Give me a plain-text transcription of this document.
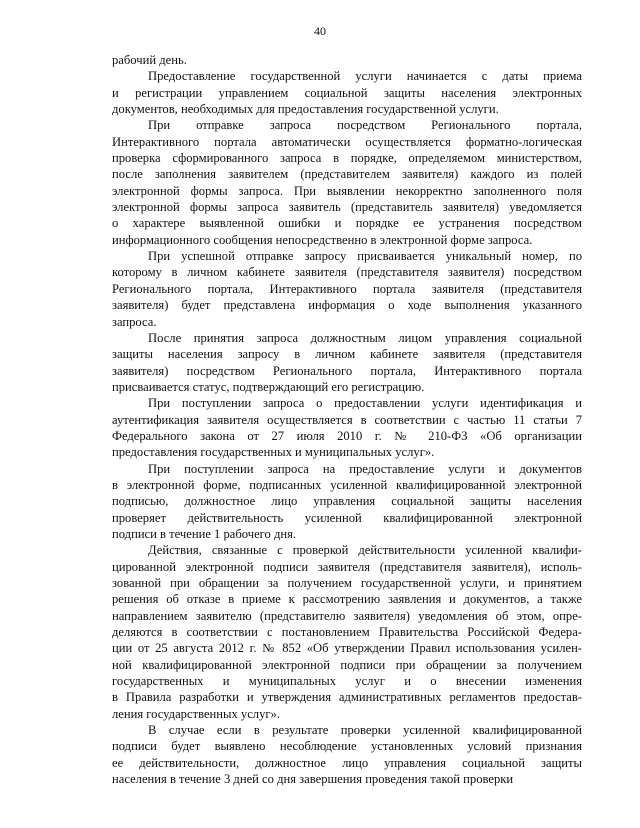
40
рабочий день.
Предоставление государственной услуги начинается с даты приема
и регистрации управлением социальной защиты населения электронных
документов, необходимых для предоставления государственной услуги.
При отправке запроса посредством Регионального портала,
Интерактивного портала автоматически осуществляется форматно-логическая
проверка сформированного запроса в порядке, определяемом министерством,
после заполнения заявителем (представителем заявителя) каждого из полей
электронной формы запроса. При выявлении некорректно заполненного поля
электронной формы запроса заявитель (представитель заявителя) уведомляется
о характере выявленной ошибки и порядке ее устранения посредством
информационного сообщения непосредственно в электронной форме запроса.
При успешной отправке запросу присваивается уникальный номер, по
которому в личном кабинете заявителя (представителя заявителя) посредством
Регионального портала, Интерактивного портала заявителя (представителя
заявителя) будет представлена информация о ходе выполнения указанного
запроса.
После принятия запроса должностным лицом управления социальной
защиты населения запросу в личном кабинете заявителя (представителя
заявителя) посредством Регионального портала, Интерактивного портала
присваивается статус, подтверждающий его регистрацию.
При поступлении запроса о предоставлении услуги идентификация и
аутентификация заявителя осуществляется в соответствии с частью 11 статьи 7
Федерального закона от 27 июля 2010 г. № 210-ФЗ «Об организации
предоставления государственных и муниципальных услуг».
При поступлении запроса на предоставление услуги и документов
в электронной форме, подписанных усиленной квалифицированной электронной
подписью, должностное лицо управления социальной защиты населения
проверяет действительность усиленной квалифицированной электронной
подписи в течение 1 рабочего дня.
Действия, связанные с проверкой действительности усиленной квалифи-
цированной электронной подписи заявителя (представителя заявителя), исполь-
зованной при обращении за получением государственной услуги, и принятием
решения об отказе в приеме к рассмотрению заявления и документов, а также
направлением заявителю (представителю заявителя) уведомления об этом, опре-
деляются в соответствии с постановлением Правительства Российской Федера-
ции от 25 августа 2012 г. № 852 «Об утверждении Правил использования усилен-
ной квалифицированной электронной подписи при обращении за получением
государственных и муниципальных услуг и о внесении изменения
в Правила разработки и утверждения административных регламентов предостав-
ления государственных услуг».
В случае если в результате проверки усиленной квалифицированной
подписи будет выявлено несоблюдение установленных условий признания
ее действительности, должностное лицо управления социальной защиты
населения в течение 3 дней со дня завершения проведения такой проверки
